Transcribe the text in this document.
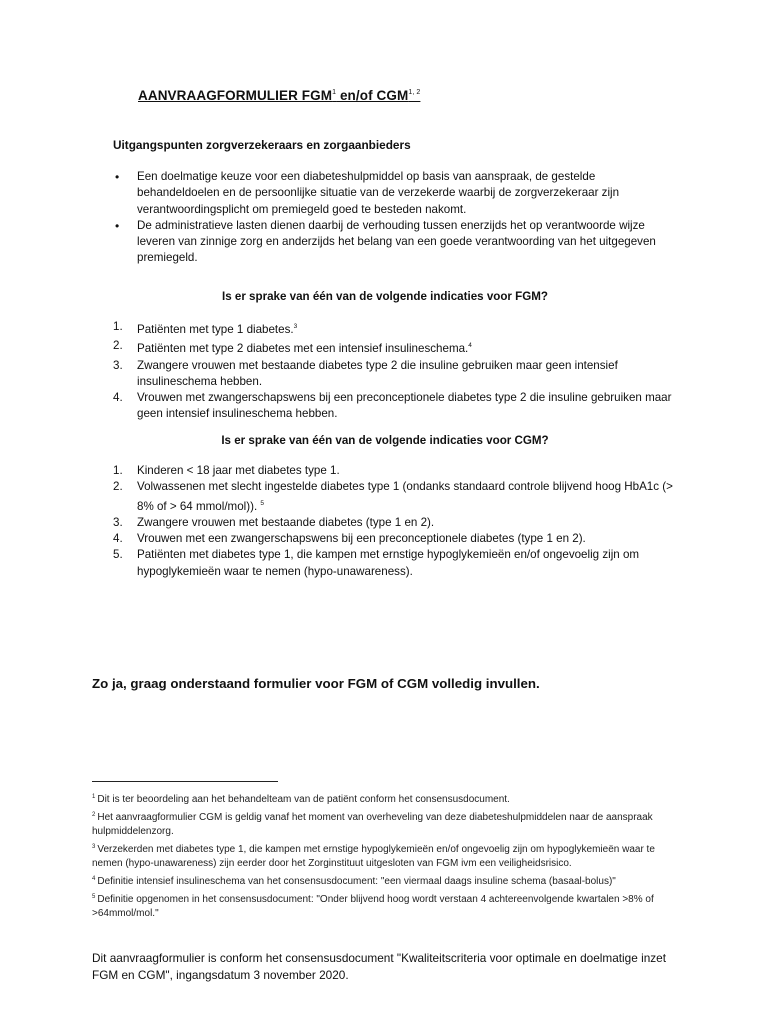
AANVRAAGFORMULIER FGM$^1$ en/of CGM$^{1, 2}$
Uitgangspunten zorgverzekeraars en zorgaanbieders
• Een doelmatige keuze voor een diabeteshulpmiddel op basis van aanspraak, de gestelde behandeldoelen en de persoonlijke situatie van de verzekerde waarbij de zorgverzekeraar zijn verantwoordingsplicht om premiegeld goed te besteden nakomt.
• De administratieve lasten dienen daarbij de verhouding tussen enerzijds het op verantwoorde wijze leveren van zinnige zorg en anderzijds het belang van een goede verantwoording van het uitgegeven premiegeld.
Is er sprake van één van de volgende indicaties voor FGM?
1. Patiënten met type 1 diabetes.$^3$
2. Patiënten met type 2 diabetes met een intensief insulineschema.$^4$
3. Zwangere vrouwen met bestaande diabetes type 2 die insuline gebruiken maar geen intensief insulineschema hebben.
4. Vrouwen met zwangerschapswens bij een preconceptionele diabetes type 2 die insuline gebruiken maar geen intensief insulineschema hebben.
Is er sprake van één van de volgende indicaties voor CGM?
1. Kinderen < 18 jaar met diabetes type 1.
2. Volwassenen met slecht ingestelde diabetes type 1 (ondanks standaard controle blijvend hoog HbA1c (> 8% of > 64 mmol/mol)). $^5$
3. Zwangere vrouwen met bestaande diabetes (type 1 en 2).
4. Vrouwen met een zwangerschapswens bij een preconceptionele diabetes (type 1 en 2).
5. Patiënten met diabetes type 1, die kampen met ernstige hypoglykemieën en/of ongevoelig zijn om hypoglykemieën waar te nemen (hypo-unawareness).
Zo ja, graag onderstaand formulier voor FGM of CGM volledig invullen.
$^1$ Dit is ter beoordeling aan het behandelteam van de patiënt conform het consensusdocument.
$^2$ Het aanvraagformulier CGM is geldig vanaf het moment van overheveling van deze diabeteshulpmiddelen naar de aanspraak hulpmiddelenzorg.
$^3$ Verzekerden met diabetes type 1, die kampen met ernstige hypoglykemieën en/of ongevoelig zijn om hypoglykemieën waar te nemen (hypo-unawareness) zijn eerder door het Zorginstituut uitgesloten van FGM ivm een veiligheidsrisico.
$^4$ Definitie intensief insulineschema van het consensusdocument: "een viermaal daags insuline schema (basaal-bolus)"
$^5$ Definitie opgenomen in het consensusdocument: "Onder blijvend hoog wordt verstaan 4 achtereenvolgende kwartalen >8% of >64mmol/mol."
Dit aanvraagformulier is conform het consensusdocument "Kwaliteitscriteria voor optimale en doelmatige inzet FGM en CGM", ingangsdatum 3 november 2020.
